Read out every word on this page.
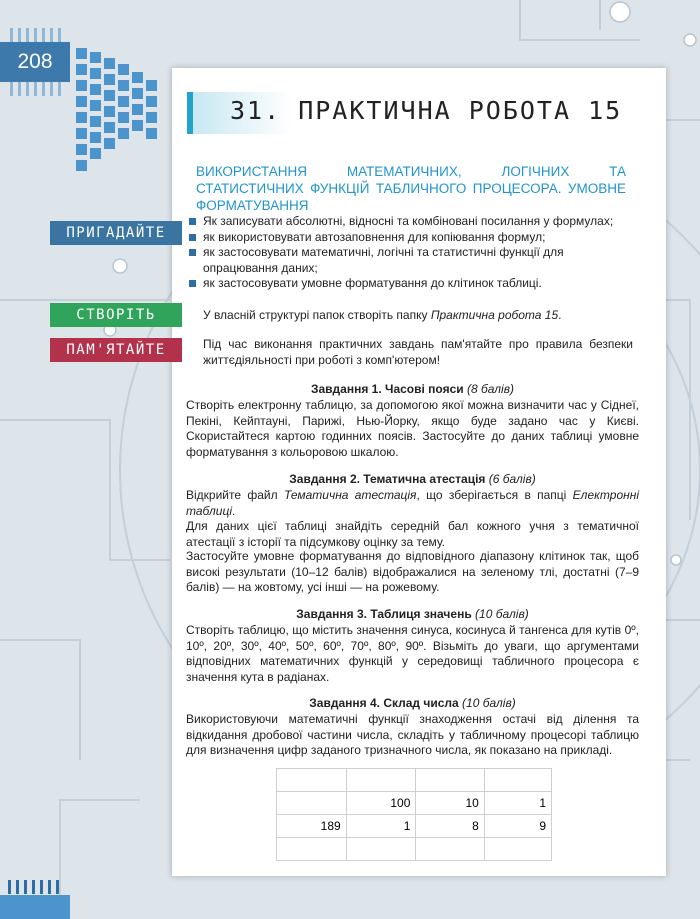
208
31. ПРАКТИЧНА РОБОТА 15
ВИКОРИСТАННЯ МАТЕМАТИЧНИХ, ЛОГІЧНИХ ТА СТАТИСТИЧНИХ ФУНКЦІЙ ТАБЛИЧНОГО ПРОЦЕСОРА. УМОВНЕ ФОРМАТУВАННЯ
ПРИГАДАЙТЕ
СТВОРІТЬ
ПАМ'ЯТАЙТЕ
Як записувати абсолютні, відносні та комбіновані посилання у формулах;
як використовувати автозаповнення для копіювання формул;
як застосовувати математичні, логічні та статистичні функції для опрацювання даних;
як застосовувати умовне форматування до клітинок таблиці.
У власній структурі папок створіть папку Практична робота 15.
Під час виконання практичних завдань пам'ятайте про правила безпеки життєдіяльності при роботі з комп'ютером!
Завдання 1. Часові пояси (8 балів)
Створіть електронну таблицю, за допомогою якої можна визначити час у Сіднеї, Пекіні, Кейптауні, Парижі, Нью-Йорку, якщо буде задано час у Києві. Скористайтеся картою годинних поясів. Застосуйте до даних таблиці умовне форматування з кольоровою шкалою.
Завдання 2. Тематична атестація (6 балів)
Відкрийте файл Тематична атестація, що зберігається в папці Електронні таблиці.
Для даних цієї таблиці знайдіть середній бал кожного учня з тематичної атестації з історії та підсумкову оцінку за тему.
Застосуйте умовне форматування до відповідного діапазону клітинок так, щоб високі результати (10–12 балів) відображалися на зеленому тлі, достатні (7–9 балів) — на жовтому, усі інші — на рожевому.
Завдання 3. Таблиця значень (10 балів)
Створіть таблицю, що містить значення синуса, косинуса й тангенса для кутів 0º, 10º, 20º, 30º, 40º, 50º, 60º, 70º, 80º, 90º. Візьміть до уваги, що аргументами відповідних математичних функцій у середовищі табличного процесора є значення кута в радіанах.
Завдання 4. Склад числа (10 балів)
Використовуючи математичні функції знаходження остачі від ділення та відкидання дробової частини числа, складіть у табличному процесорі таблицю для визначення цифр заданого тризначного числа, як показано на прикладі.

	100	10	1
189	1	8	9
